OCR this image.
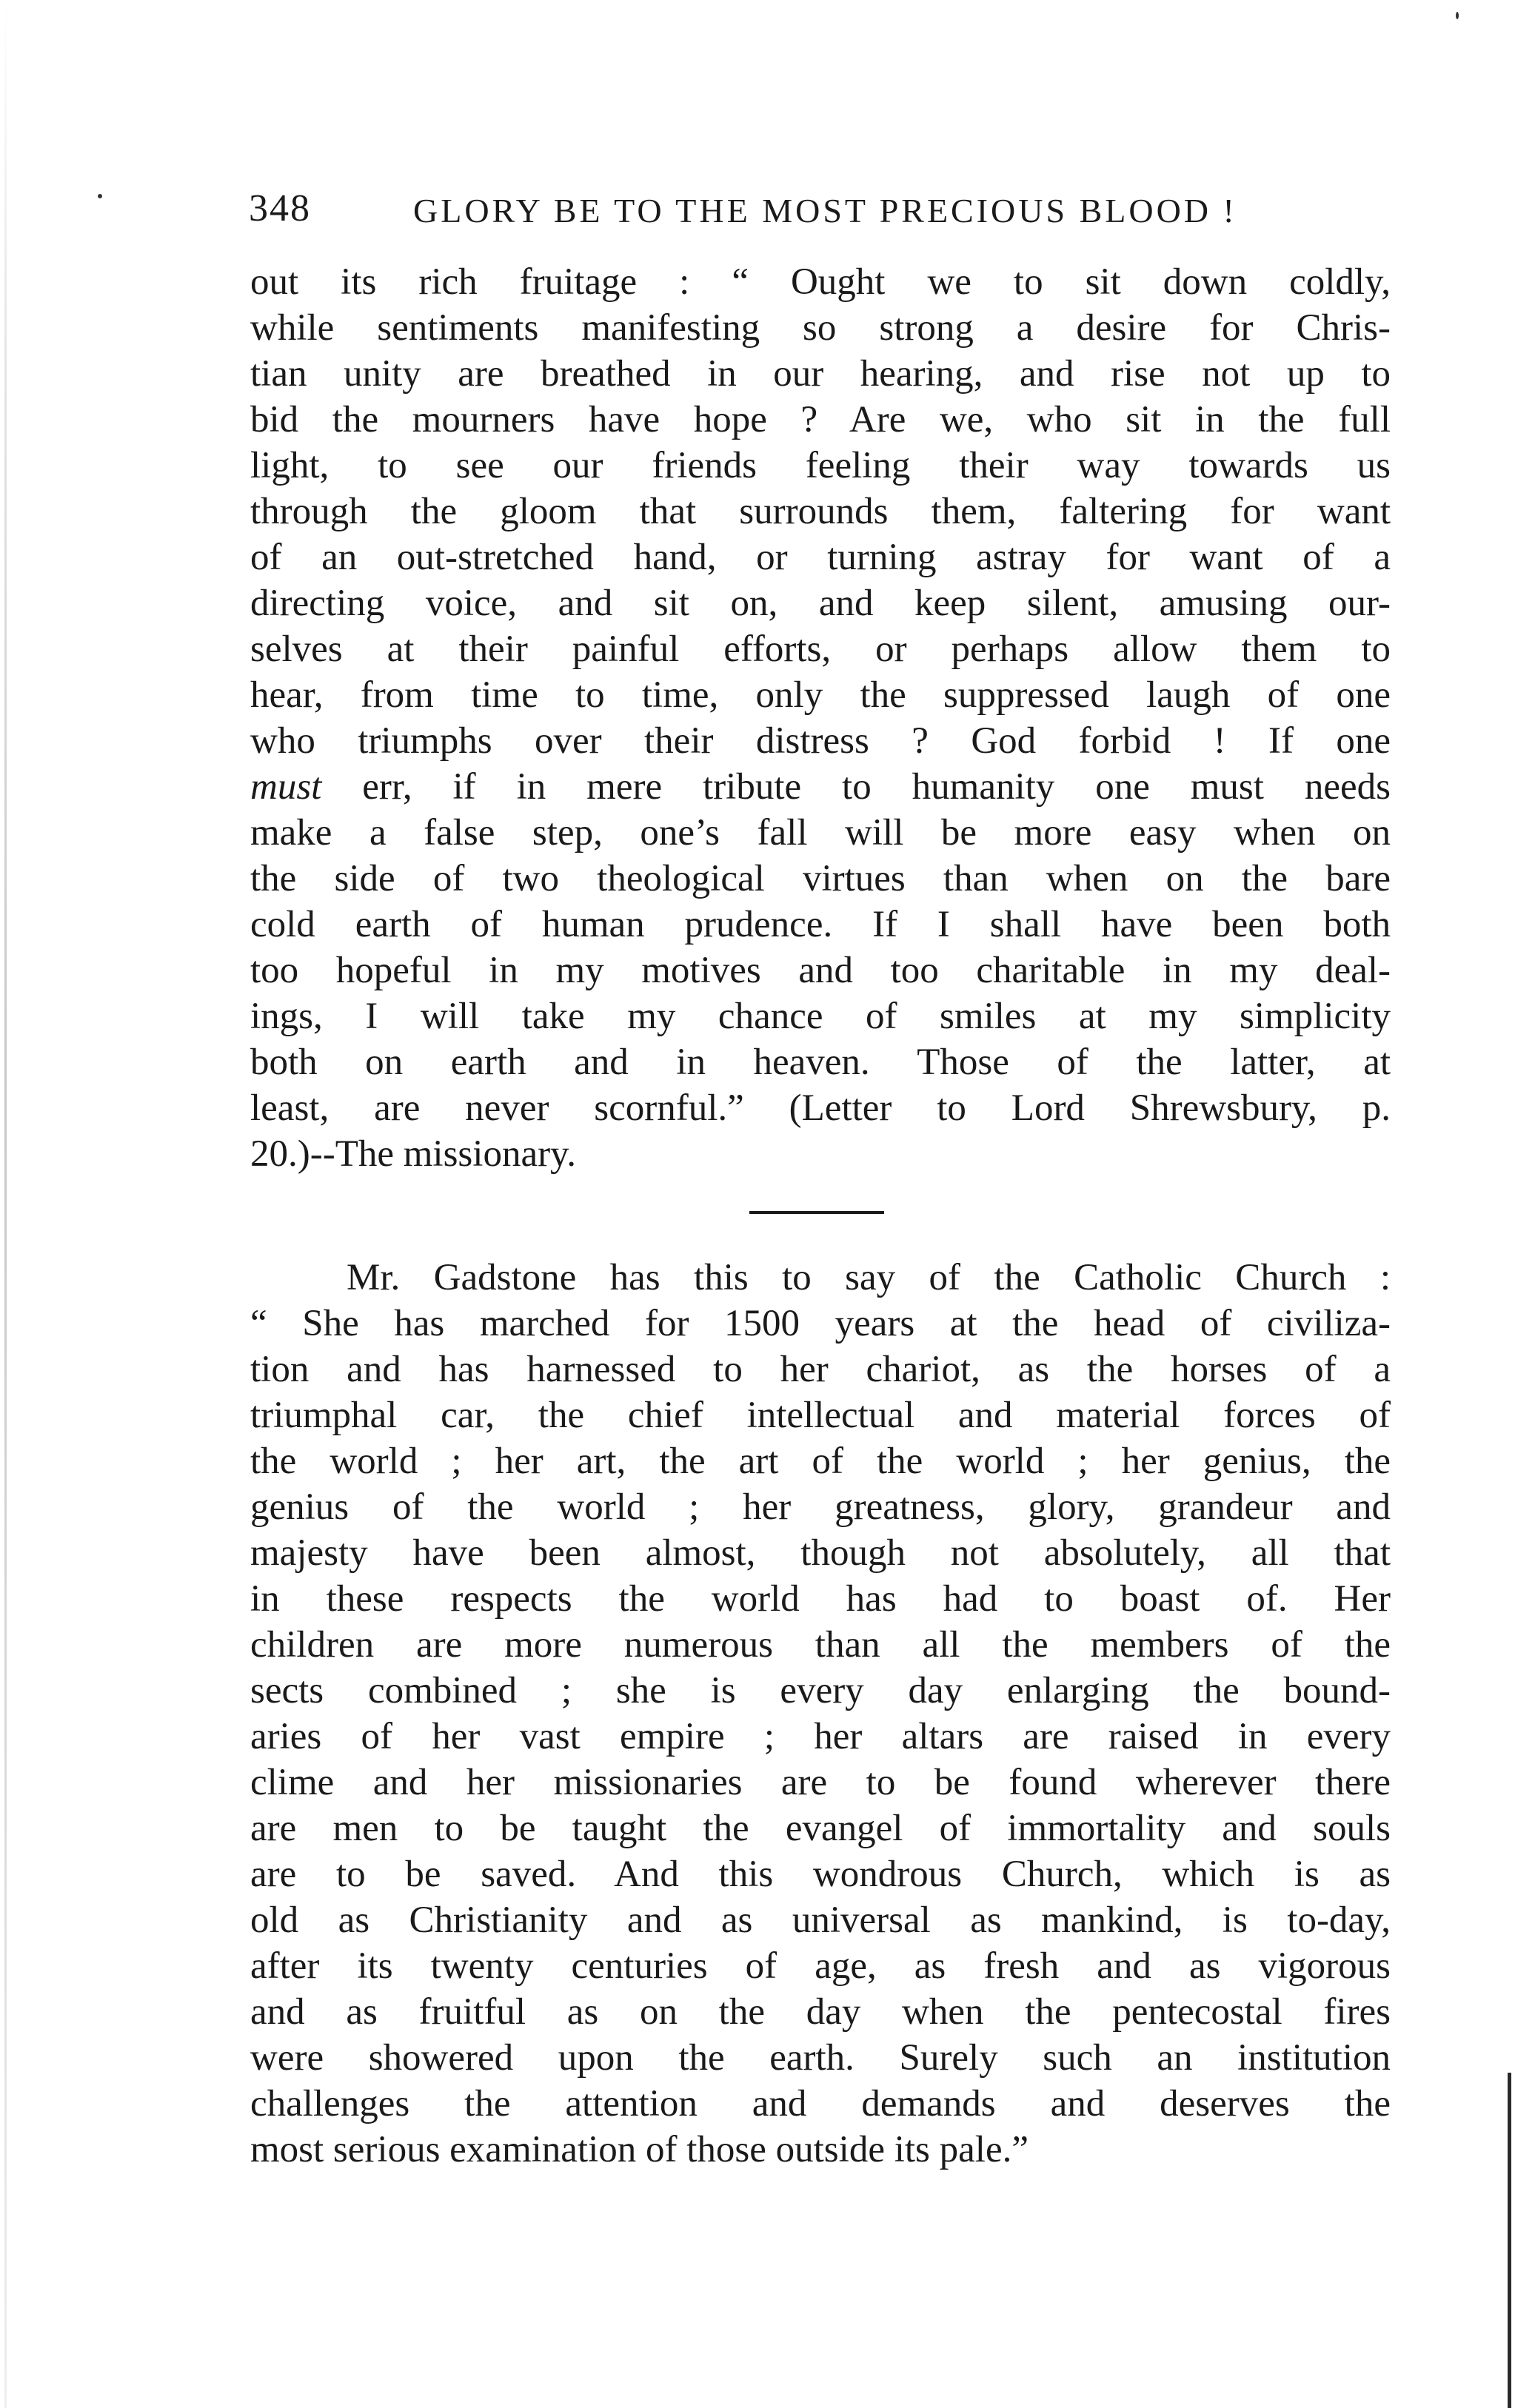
348	GLORY BE TO THE MOST PRECIOUS BLOOD !
out its rich fruitage : “ Ought we to sit down coldly,
while sentiments manifesting so strong a desire for Chris-
tian unity are breathed in our hearing, and rise not up to
bid the mourners have hope ? Are we, who sit in the full
light, to see our friends feeling their way towards us
through the gloom that surrounds them, faltering for want
of an out-stretched hand, or turning astray for want of a
directing voice, and sit on, and keep silent, amusing our-
selves at their painful efforts, or perhaps allow them to
hear, from time to time, only the suppressed laugh of one
who triumphs over their distress ? God forbid ! If one
must err, if in mere tribute to humanity one must needs
make a false step, one’s fall will be more easy when on
the side of two theological virtues than when on the bare
cold earth of human prudence. If I shall have been both
too hopeful in my motives and too charitable in my deal-
ings, I will take my chance of smiles at my simplicity
both on earth and in heaven. Those of the latter, at
least, are never scornful.” (Letter to Lord Shrewsbury, p.
20.)--The missionary.
Mr. Gadstone has this to say of the Catholic Church :
“ She has marched for 1500 years at the head of civiliza-
tion and has harnessed to her chariot, as the horses of a
triumphal car, the chief intellectual and material forces of
the world ; her art, the art of the world ; her genius, the
genius of the world ; her greatness, glory, grandeur and
majesty have been almost, though not absolutely, all that
in these respects the world has had to boast of. Her
children are more numerous than all the members of the
sects combined ; she is every day enlarging the bound-
aries of her vast empire ; her altars are raised in every
clime and her missionaries are to be found wherever there
are men to be taught the evangel of immortality and souls
are to be saved. And this wondrous Church, which is as
old as Christianity and as universal as mankind, is to-day,
after its twenty centuries of age, as fresh and as vigorous
and as fruitful as on the day when the pentecostal fires
were showered upon the earth. Surely such an institution
challenges the attention and demands and deserves the
most serious examination of those outside its pale.”
